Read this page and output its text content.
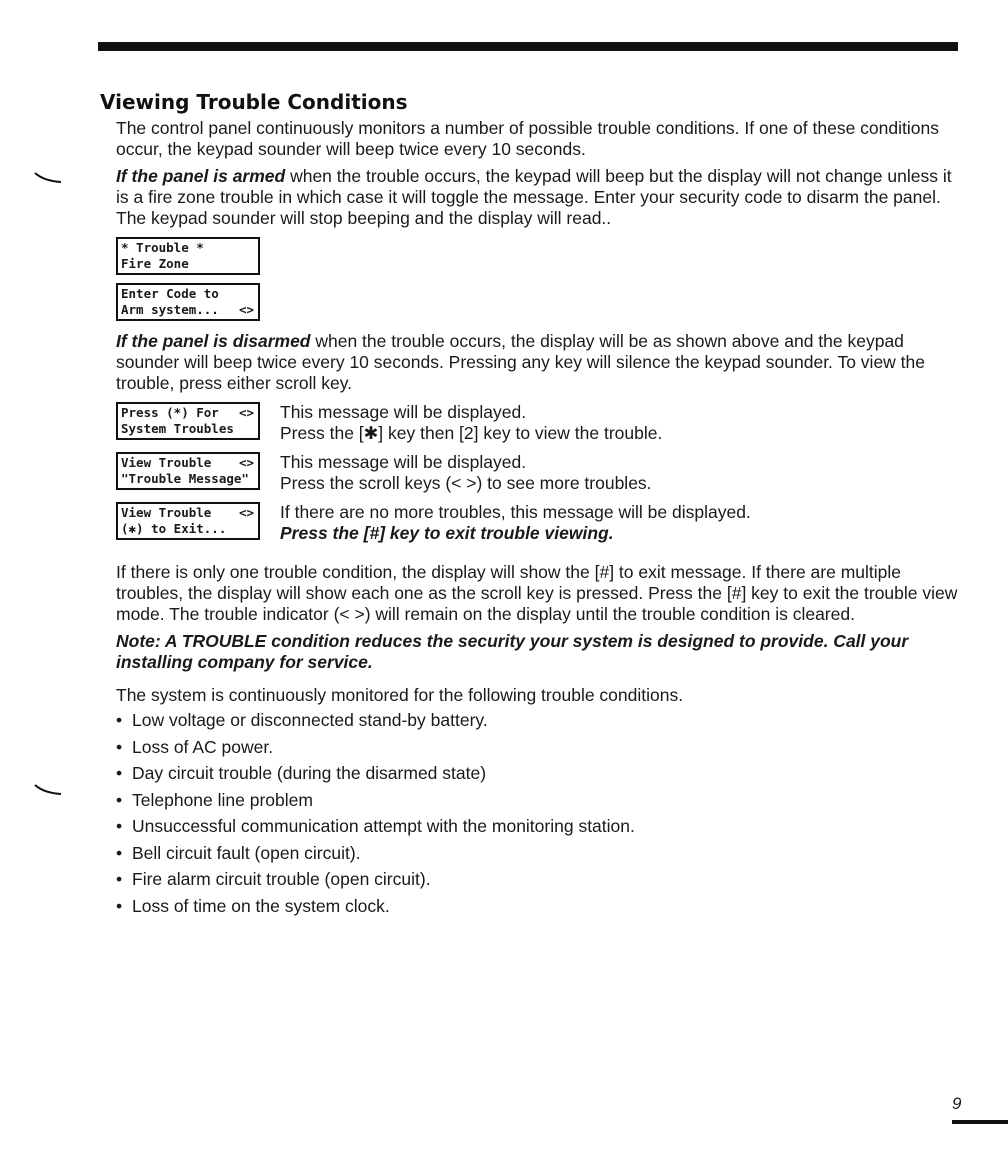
Viewing Trouble Conditions

The control panel continuously monitors a number of possible trouble conditions. If one of these conditions occur, the keypad sounder will beep twice every 10 seconds.

If the panel is armed when the trouble occurs, the keypad will beep but the display will not change unless it is a fire zone trouble in which case it will toggle the message. Enter your security code to disarm the panel. The keypad sounder will stop beeping and the display will read..

* Trouble *
Fire Zone
Enter Code to
Arm system...	<>

If the panel is disarmed when the trouble occurs, the display will be as shown above and the keypad sounder will beep twice every 10 seconds. Pressing any key will silence the keypad sounder. To view the trouble, press either scroll key.

Press (*) For
System Troubles
<> This message will be displayed.
Press the [✱] key then [2] key to view the trouble.
View Trouble
"Trouble Message"
<> This message will be displayed.
Press the scroll keys (< >) to see more troubles.
View Trouble
(✱) to Exit...
<> If there are no more troubles, this message will be displayed.
Press the [#] key to exit trouble viewing.

If there is only one trouble condition, the display will show the [#] to exit message. If there are multiple troubles, the display will show each one as the scroll key is pressed. Press the [#] key to exit the trouble view mode. The trouble indicator (< >) will remain on the display until the trouble condition is cleared.

Note: A TROUBLE condition reduces the security your system is designed to provide. Call your installing company for service.

The system is continuously monitored for the following trouble conditions.

• Low voltage or disconnected stand-by battery.
• Loss of AC power.
• Day circuit trouble (during the disarmed state)
• Telephone line problem
• Unsuccessful communication attempt with the monitoring station.
• Bell circuit fault (open circuit).
• Fire alarm circuit trouble (open circuit).
• Loss of time on the system clock.
9
